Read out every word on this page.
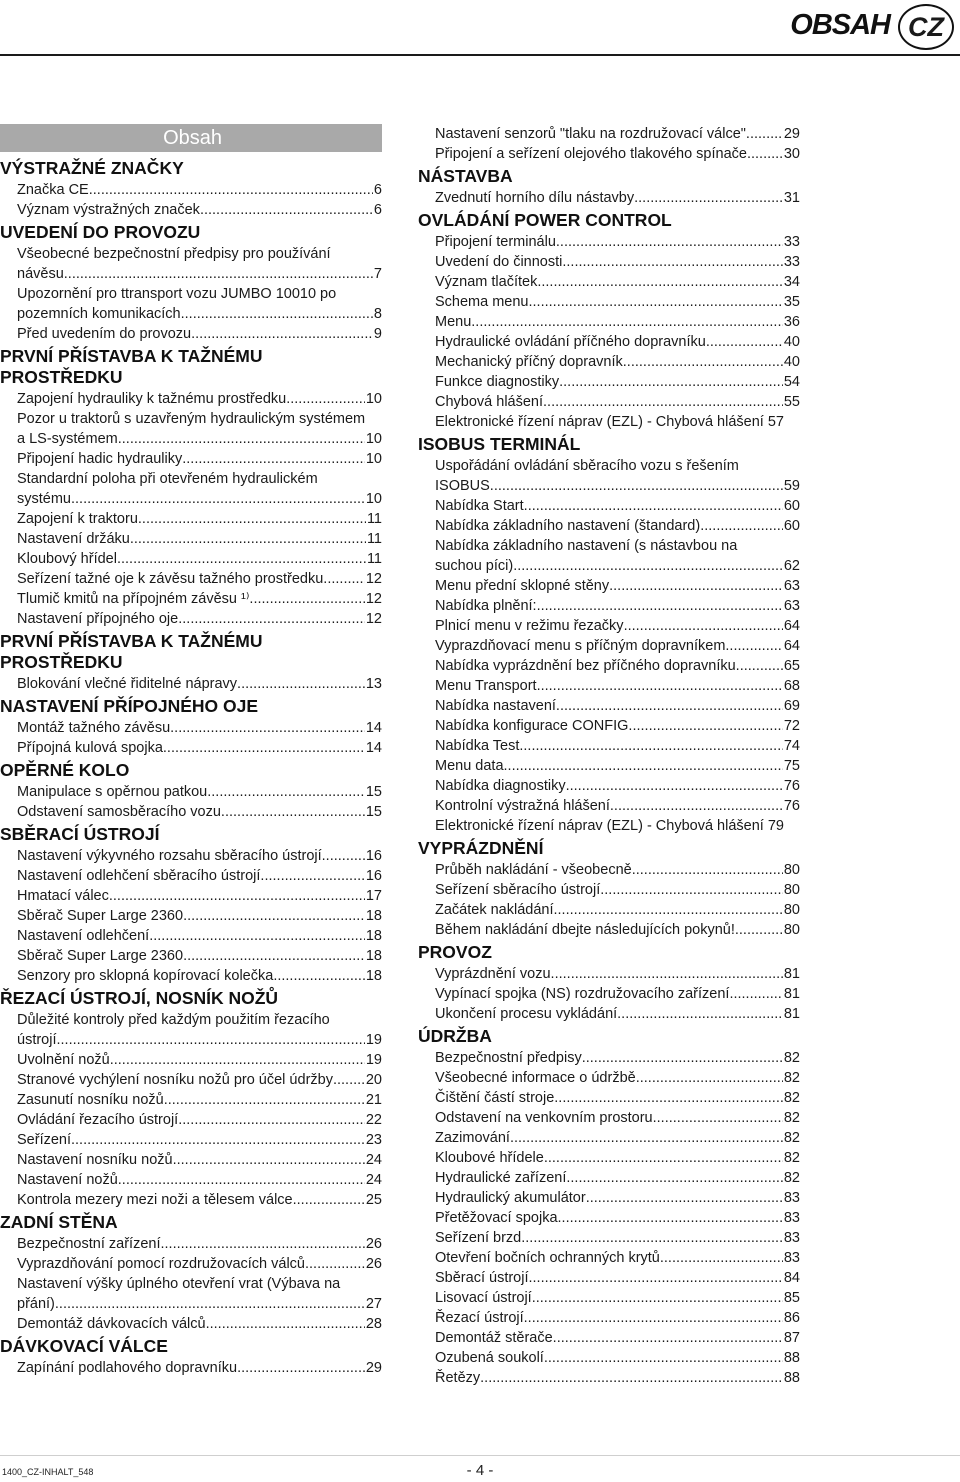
OBSAH CZ
Obsah
VÝSTRAŽNÉ ZNAČKY
Značka CE .....	6
Význam výstražných značek .....	6
UVEDENÍ DO PROVOZU
Všeobecné bezpečnostní předpisy pro používání
návěsu .....	7
Upozornění pro ttransport vozu JUMBO 10010 po
pozemních komunikacích .....	8
Před uvedením do provozu .....	9
PRVNÍ PŘÍSTAVBA K TAŽNÉMU PROSTŘEDKU
Zapojení hydrauliky k tažnému prostředku .....	10
Pozor u traktorů s uzavřeným hydraulickým systémem
a LS-systémem .....	10
Připojení hadic hydrauliky .....	10
Standardní poloha při otevřeném hydraulickém
systému .....	10
Zapojení k traktoru .....	11
Nastavení držáku .....	11
Kloubový hřídel .....	11
Seřízení tažné oje k závěsu tažného prostředku .....	12
Tlumič kmitů na přípojném závěsu ¹⁾ .....	12
Nastavení přípojného oje .....	12
PRVNÍ PŘÍSTAVBA K TAŽNÉMU PROSTŘEDKU
Blokování vlečné řiditelné nápravy .....	13
NASTAVENÍ PŘÍPOJNÉHO OJE
Montáž tažného závěsu .....	14
Přípojná kulová spojka .....	14
OPĚRNÉ KOLO
Manipulace s opěrnou patkou .....	15
Odstavení samosběracího vozu .....	15
SBĚRACÍ ÚSTROJÍ
Nastavení výkyvného rozsahu sběracího ústrojí .....	16
Nastavení odlehčení sběracího ústrojí .....	16
Hmatací válec .....	17
Sběrač Super Large 2360 .....	18
Nastavení odlehčení .....	18
Sběrač Super Large 2360. .....	18
Senzory pro sklopná kopírovací kolečka .....	18
ŘEZACÍ ÚSTROJÍ, NOSNÍK NOŽŮ
Důležité kontroly před každým použitím řezacího
ústrojí. .....	19
Uvolnění nožů .....	19
Stranové vychýlení nosníku nožů pro účel údržby ..... 20
Zasunutí nosníku nožů .....	21
Ovládání řezacího ústrojí .....	22
Seřízení .....	23
Nastavení nosníku nožů .....	24
Nastavení nožů .....	24
Kontrola mezery mezi noži a tělesem válce .....	25
ZADNÍ STĚNA
Bezpečnostní zařízení .....	26
Vyprazdňování pomocí rozdružovacích válců .....	26
Nastavení výšky úplného otevření vrat (Výbava na
přání) .....	27
Demontáž dávkovacích válců .....	28
DÁVKOVACÍ VÁLCE
Zapínání podlahového dopravníku .....	29
Nastavení senzorů "tlaku na rozdružovací válce" .....	29
Připojení a seřízení olejového tlakového spínače .....	30
NÁSTAVBA
Zvednutí horního dílu nástavby .....	31
OVLÁDÁNÍ POWER CONTROL
Připojení terminálu .....	33
Uvedení do činnosti .....	33
Význam tlačítek .....	34
Schema menu .....	35
Menu .....	36
Hydraulické ovládání příčného dopravníku .....	40
Mechanický příčný dopravník .....	40
Funkce diagnostiky .....	54
Chybová hlášení .....	55
Elektronické řízení náprav (EZL) - Chybová hlášení 57
ISOBUS TERMINÁL
Uspořádání ovládání sběracího vozu s řešením
ISOBUS .....	59
Nabídka Start .....	60
Nabídka základního nastavení (štandard) .....	60
Nabídka základního nastavení (s nástavbou na
suchou píci) .....	62
Menu přední sklopné stěny .....	63
Nabídka plnění: .....	63
Plnicí menu v režimu řezačky .....	64
Vyprazdňovací menu s příčným dopravníkem .....	64
Nabídka vyprázdnění bez příčného dopravníku .....	65
Menu Transport .....	68
Nabídka nastavení .....	69
Nabídka konfigurace CONFIG .....	72
Nabídka Test .....	74
Menu data .....	75
Nabídka diagnostiky .....	76
Kontrolní výstražná hlášení .....	76
Elektronické řízení náprav (EZL) - Chybová hlášení 79
VYPRÁZDNĚNÍ
Průběh nakládání - všeobecně .....	80
Seřízení sběracího ústrojí .....	80
Začátek nakládání .....	80
Během nakládání dbejte následujících pokynů! .....	80
PROVOZ
Vyprázdnění vozu .....	81
Vypínací spojka (NS) rozdružovacího zařízení .....	81
Ukončení procesu vykládání .....	81
ÚDRŽBA
Bezpečnostní předpisy .....	82
Všeobecné informace o údržbě .....	82
Čištění částí stroje .....	82
Odstavení na venkovním prostoru .....	82
Zazimování .....	82
Kloubové hřídele .....	82
Hydraulické zařízení .....	82
Hydraulický akumulátor .....	83
Přetěžovací spojka .....	83
Seřízení brzd .....	83
Otevření bočních ochranných krytů .....	83
Sběrací ústrojí .....	84
Lisovací ústrojí .....	85
Řezací ústrojí .....	86
Demontáž stěrače .....	87
Ozubená soukolí .....	88
Řetězy .....	88
1400_CZ-INHALT_548	- 4 -
